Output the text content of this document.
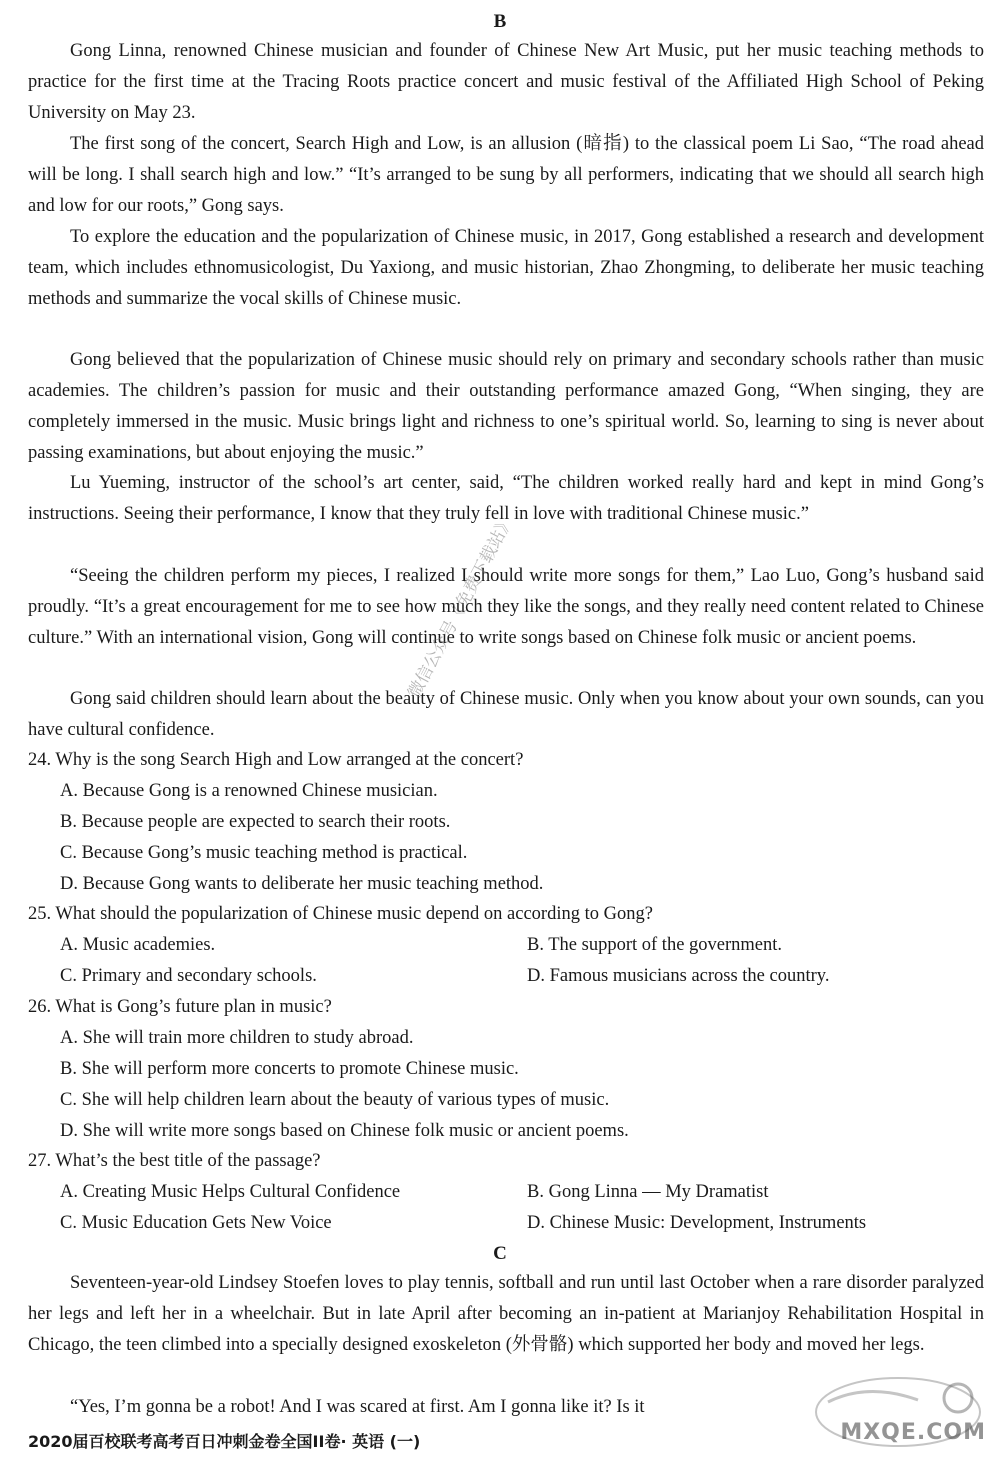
B

Gong Linna, renowned Chinese musician and founder of Chinese New Art Music, put her music teaching methods to practice for the first time at the Tracing Roots practice concert and music festival of the Affiliated High School of Peking University on May 23.

The first song of the concert, Search High and Low, is an allusion (暗指) to the classical poem Li Sao, “The road ahead will be long. I shall search high and low.” “It’s arranged to be sung by all performers, indicating that we should all search high and low for our roots,” Gong says.

To explore the education and the popularization of Chinese music, in 2017, Gong established a research and development team, which includes ethnomusicologist, Du Yaxiong, and music historian, Zhao Zhongming, to deliberate her music teaching methods and summarize the vocal skills of Chinese music.

Gong believed that the popularization of Chinese music should rely on primary and secondary schools rather than music academies. The children’s passion for music and their outstanding performance amazed Gong, “When singing, they are completely immersed in the music. Music brings light and richness to one’s spiritual world. So, learning to sing is never about passing examinations, but about enjoying the music.”

Lu Yueming, instructor of the school’s art center, said, “The children worked really hard and kept in mind Gong’s instructions. Seeing their performance, I know that they truly fell in love with traditional Chinese music.”

“Seeing the children perform my pieces, I realized I should write more songs for them,” Lao Luo, Gong’s husband said proudly. “It’s a great encouragement for me to see how much they like the songs, and they really need content related to Chinese culture.” With an international vision, Gong will continue to write songs based on Chinese folk music or ancient poems.

Gong said children should learn about the beauty of Chinese music. Only when you know about your own sounds, can you have cultural confidence.

24. Why is the song Search High and Low arranged at the concert?

A. Because Gong is a renowned Chinese musician.

B. Because people are expected to search their roots.

C. Because Gong’s music teaching method is practical.

D. Because Gong wants to deliberate her music teaching method.

25. What should the popularization of Chinese music depend on according to Gong?

A. Music academies.	B. The support of the government.

C. Primary and secondary schools.	D. Famous musicians across the country.

26. What is Gong’s future plan in music?

A. She will train more children to study abroad.

B. She will perform more concerts to promote Chinese music.

C. She will help children learn about the beauty of various types of music.

D. She will write more songs based on Chinese folk music or ancient poems.

27. What’s the best title of the passage?

A. Creating Music Helps Cultural Confidence	B. Gong Linna — My Dramatist

C. Music Education Gets New Voice	D. Chinese Music: Development, Instruments

C

Seventeen-year-old Lindsey Stoefen loves to play tennis, softball and run until last October when a rare disorder paralyzed her legs and left her in a wheelchair. But in late April after becoming an in-patient at Marianjoy Rehabilitation Hospital in Chicago, the teen climbed into a specially designed exoskeleton (外骨骼) which supported her body and moved her legs.

“Yes, I’m gonna be a robot! And I was scared at first. Am I gonna like it? Is it

2020届百校联考高考百日冲刺金卷全国II卷· 英语 (一)
微信公众号《免费下载站》
MXQE.COM
